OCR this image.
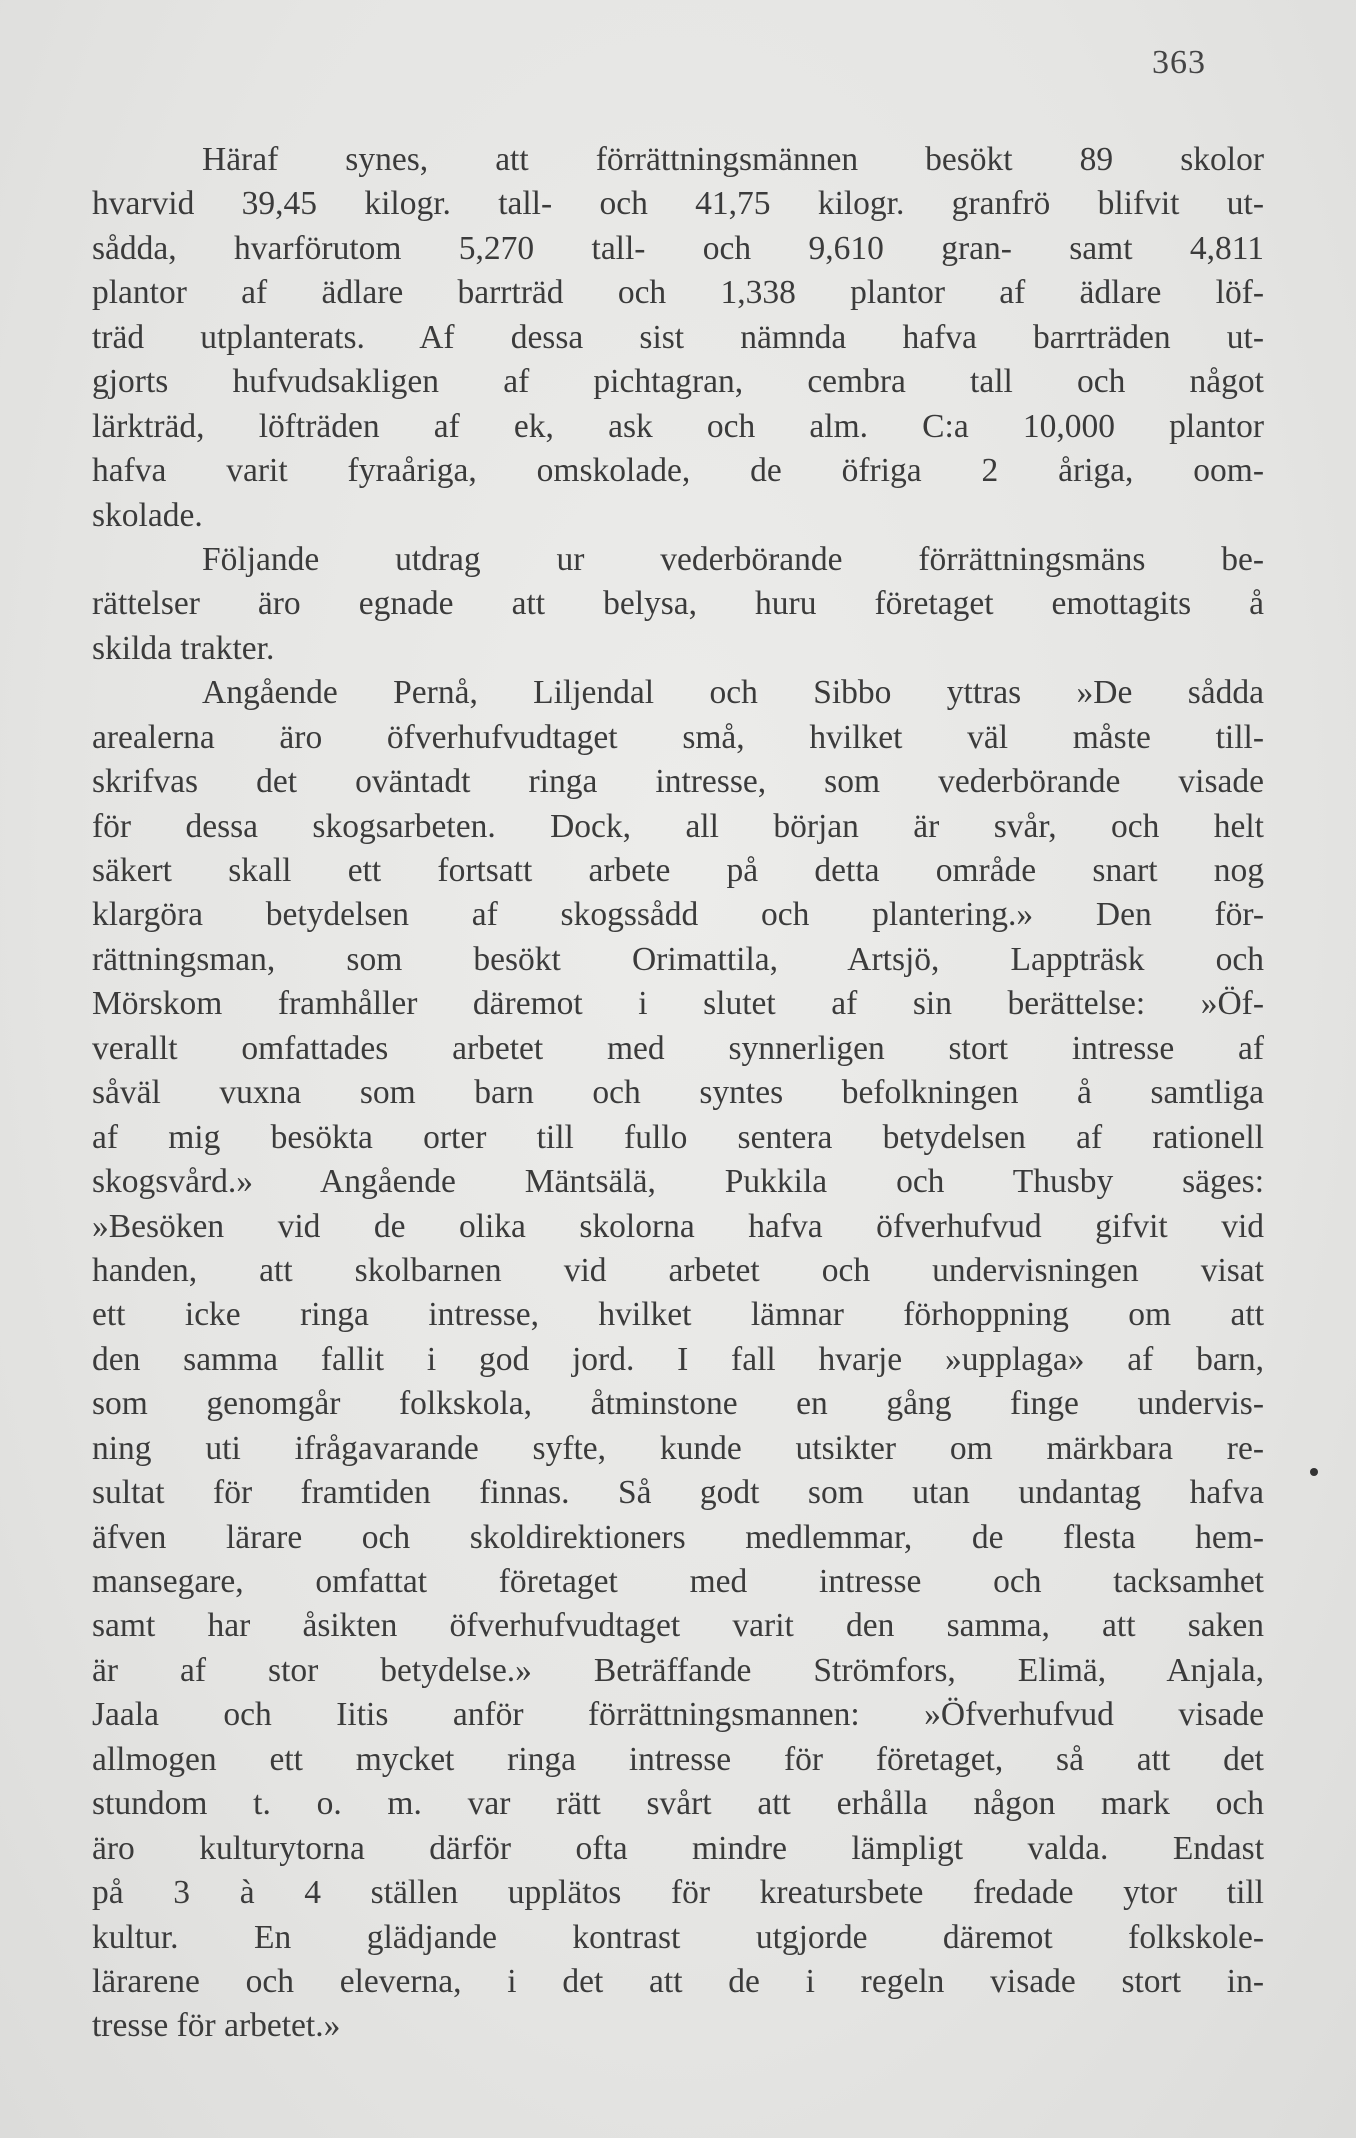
363
Häraf synes, att förrättningsmännen besökt 89 skolor
hvarvid 39,45 kilogr. tall- och 41,75 kilogr. granfrö blifvit ut-
sådda, hvarförutom 5,270 tall- och 9,610 gran- samt 4,811
plantor af ädlare barrträd och 1,338 plantor af ädlare löf-
träd utplanterats. Af dessa sist nämnda hafva barrträden ut-
gjorts hufvudsakligen af pichtagran, cembra tall och något
lärkträd, löfträden af ek, ask och alm. C:a 10,000 plantor
hafva varit fyraåriga, omskolade, de öfriga 2 åriga, oom-
skolade.
Följande utdrag ur vederbörande förrättningsmäns be-
rättelser äro egnade att belysa, huru företaget emottagits å
skilda trakter.
Angående Pernå, Liljendal och Sibbo yttras »De sådda
arealerna äro öfverhufvudtaget små, hvilket väl måste till-
skrifvas det oväntadt ringa intresse, som vederbörande visade
för dessa skogsarbeten. Dock, all början är svår, och helt
säkert skall ett fortsatt arbete på detta område snart nog
klargöra betydelsen af skogssådd och plantering.» Den för-
rättningsman, som besökt Orimattila, Artsjö, Lappträsk och
Mörskom framhåller däremot i slutet af sin berättelse: »Öf-
verallt omfattades arbetet med synnerligen stort intresse af
såväl vuxna som barn och syntes befolkningen å samtliga
af mig besökta orter till fullo sentera betydelsen af rationell
skogsvård.» Angående Mäntsälä, Pukkila och Thusby säges:
»Besöken vid de olika skolorna hafva öfverhufvud gifvit vid
handen, att skolbarnen vid arbetet och undervisningen visat
ett icke ringa intresse, hvilket lämnar förhoppning om att
den samma fallit i god jord. I fall hvarje »upplaga» af barn,
som genomgår folkskola, åtminstone en gång finge undervis-
ning uti ifrågavarande syfte, kunde utsikter om märkbara re-
sultat för framtiden finnas. Så godt som utan undantag hafva
äfven lärare och skoldirektioners medlemmar, de flesta hem-
mansegare, omfattat företaget med intresse och tacksamhet
samt har åsikten öfverhufvudtaget varit den samma, att saken
är af stor betydelse.» Beträffande Strömfors, Elimä, Anjala,
Jaala och Iitis anför förrättningsmannen: »Öfverhufvud visade
allmogen ett mycket ringa intresse för företaget, så att det
stundom t. o. m. var rätt svårt att erhålla någon mark och
äro kulturytorna därför ofta mindre lämpligt valda. Endast
på 3 à 4 ställen upplätos för kreatursbete fredade ytor till
kultur. En glädjande kontrast utgjorde däremot folkskole-
lärarene och eleverna, i det att de i regeln visade stort in-
tresse för arbetet.»
